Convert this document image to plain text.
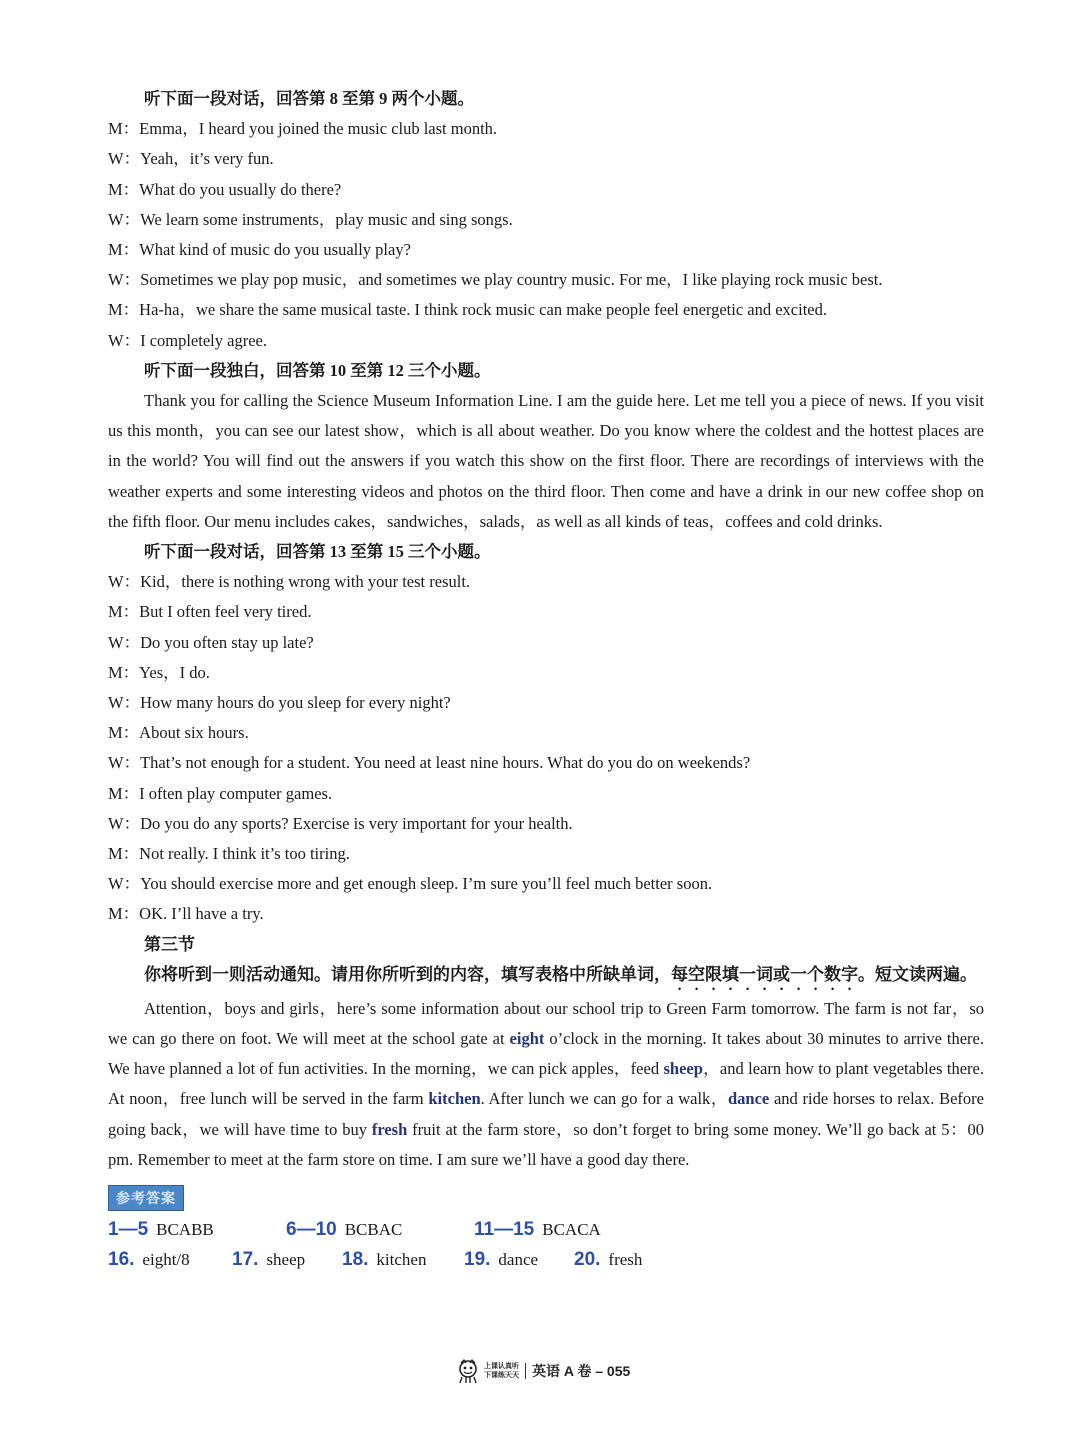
听下面一段对话，回答第 8 至第 9 两个小题。
M：Emma，I heard you joined the music club last month.
W：Yeah，it’s very fun.
M：What do you usually do there?
W：We learn some instruments，play music and sing songs.
M：What kind of music do you usually play?
W：Sometimes we play pop music，and sometimes we play country music. For me，I like playing rock music best.
M：Ha-ha，we share the same musical taste. I think rock music can make people feel energetic and excited.
W：I completely agree.
听下面一段独白，回答第 10 至第 12 三个小题。
Thank you for calling the Science Museum Information Line. I am the guide here. Let me tell you a piece of news. If you visit us this month，you can see our latest show，which is all about weather. Do you know where the coldest and the hottest places are in the world? You will find out the answers if you watch this show on the first floor. There are recordings of interviews with the weather experts and some interesting videos and photos on the third floor. Then come and have a drink in our new coffee shop on the fifth floor. Our menu includes cakes，sandwiches，salads，as well as all kinds of teas，coffees and cold drinks.
听下面一段对话，回答第 13 至第 15 三个小题。
W：Kid，there is nothing wrong with your test result.
M：But I often feel very tired.
W：Do you often stay up late?
M：Yes，I do.
W：How many hours do you sleep for every night?
M：About six hours.
W：That’s not enough for a student. You need at least nine hours. What do you do on weekends?
M：I often play computer games.
W：Do you do any sports? Exercise is very important for your health.
M：Not really. I think it’s too tiring.
W：You should exercise more and get enough sleep. I’m sure you’ll feel much better soon.
M：OK. I’ll have a try.
第三节
你将听到一则活动通知。请用你所听到的内容，填写表格中所缺单词，每空限填一词或一个数字。短文读两遍。
Attention，boys and girls，here’s some information about our school trip to Green Farm tomorrow. The farm is not far，so we can go there on foot. We will meet at the school gate at eight o’clock in the morning. It takes about 30 minutes to arrive there. We have planned a lot of fun activities. In the morning，we can pick apples，feed sheep，and learn how to plant vegetables there. At noon，free lunch will be served in the farm kitchen. After lunch we can go for a walk，dance and ride horses to relax. Before going back，we will have time to buy fresh fruit at the farm store，so don’t forget to bring some money. We’ll go back at 5：00 pm. Remember to meet at the farm store on time. I am sure we’ll have a good day there.
参考答案
1—5 BCABB	6—10 BCBAC	11—15 BCACA
16. eight/8 17. sheep 18. kitchen 19. dance 20. fresh
上课认真听
下课练天天 英语 A 卷 – 055
